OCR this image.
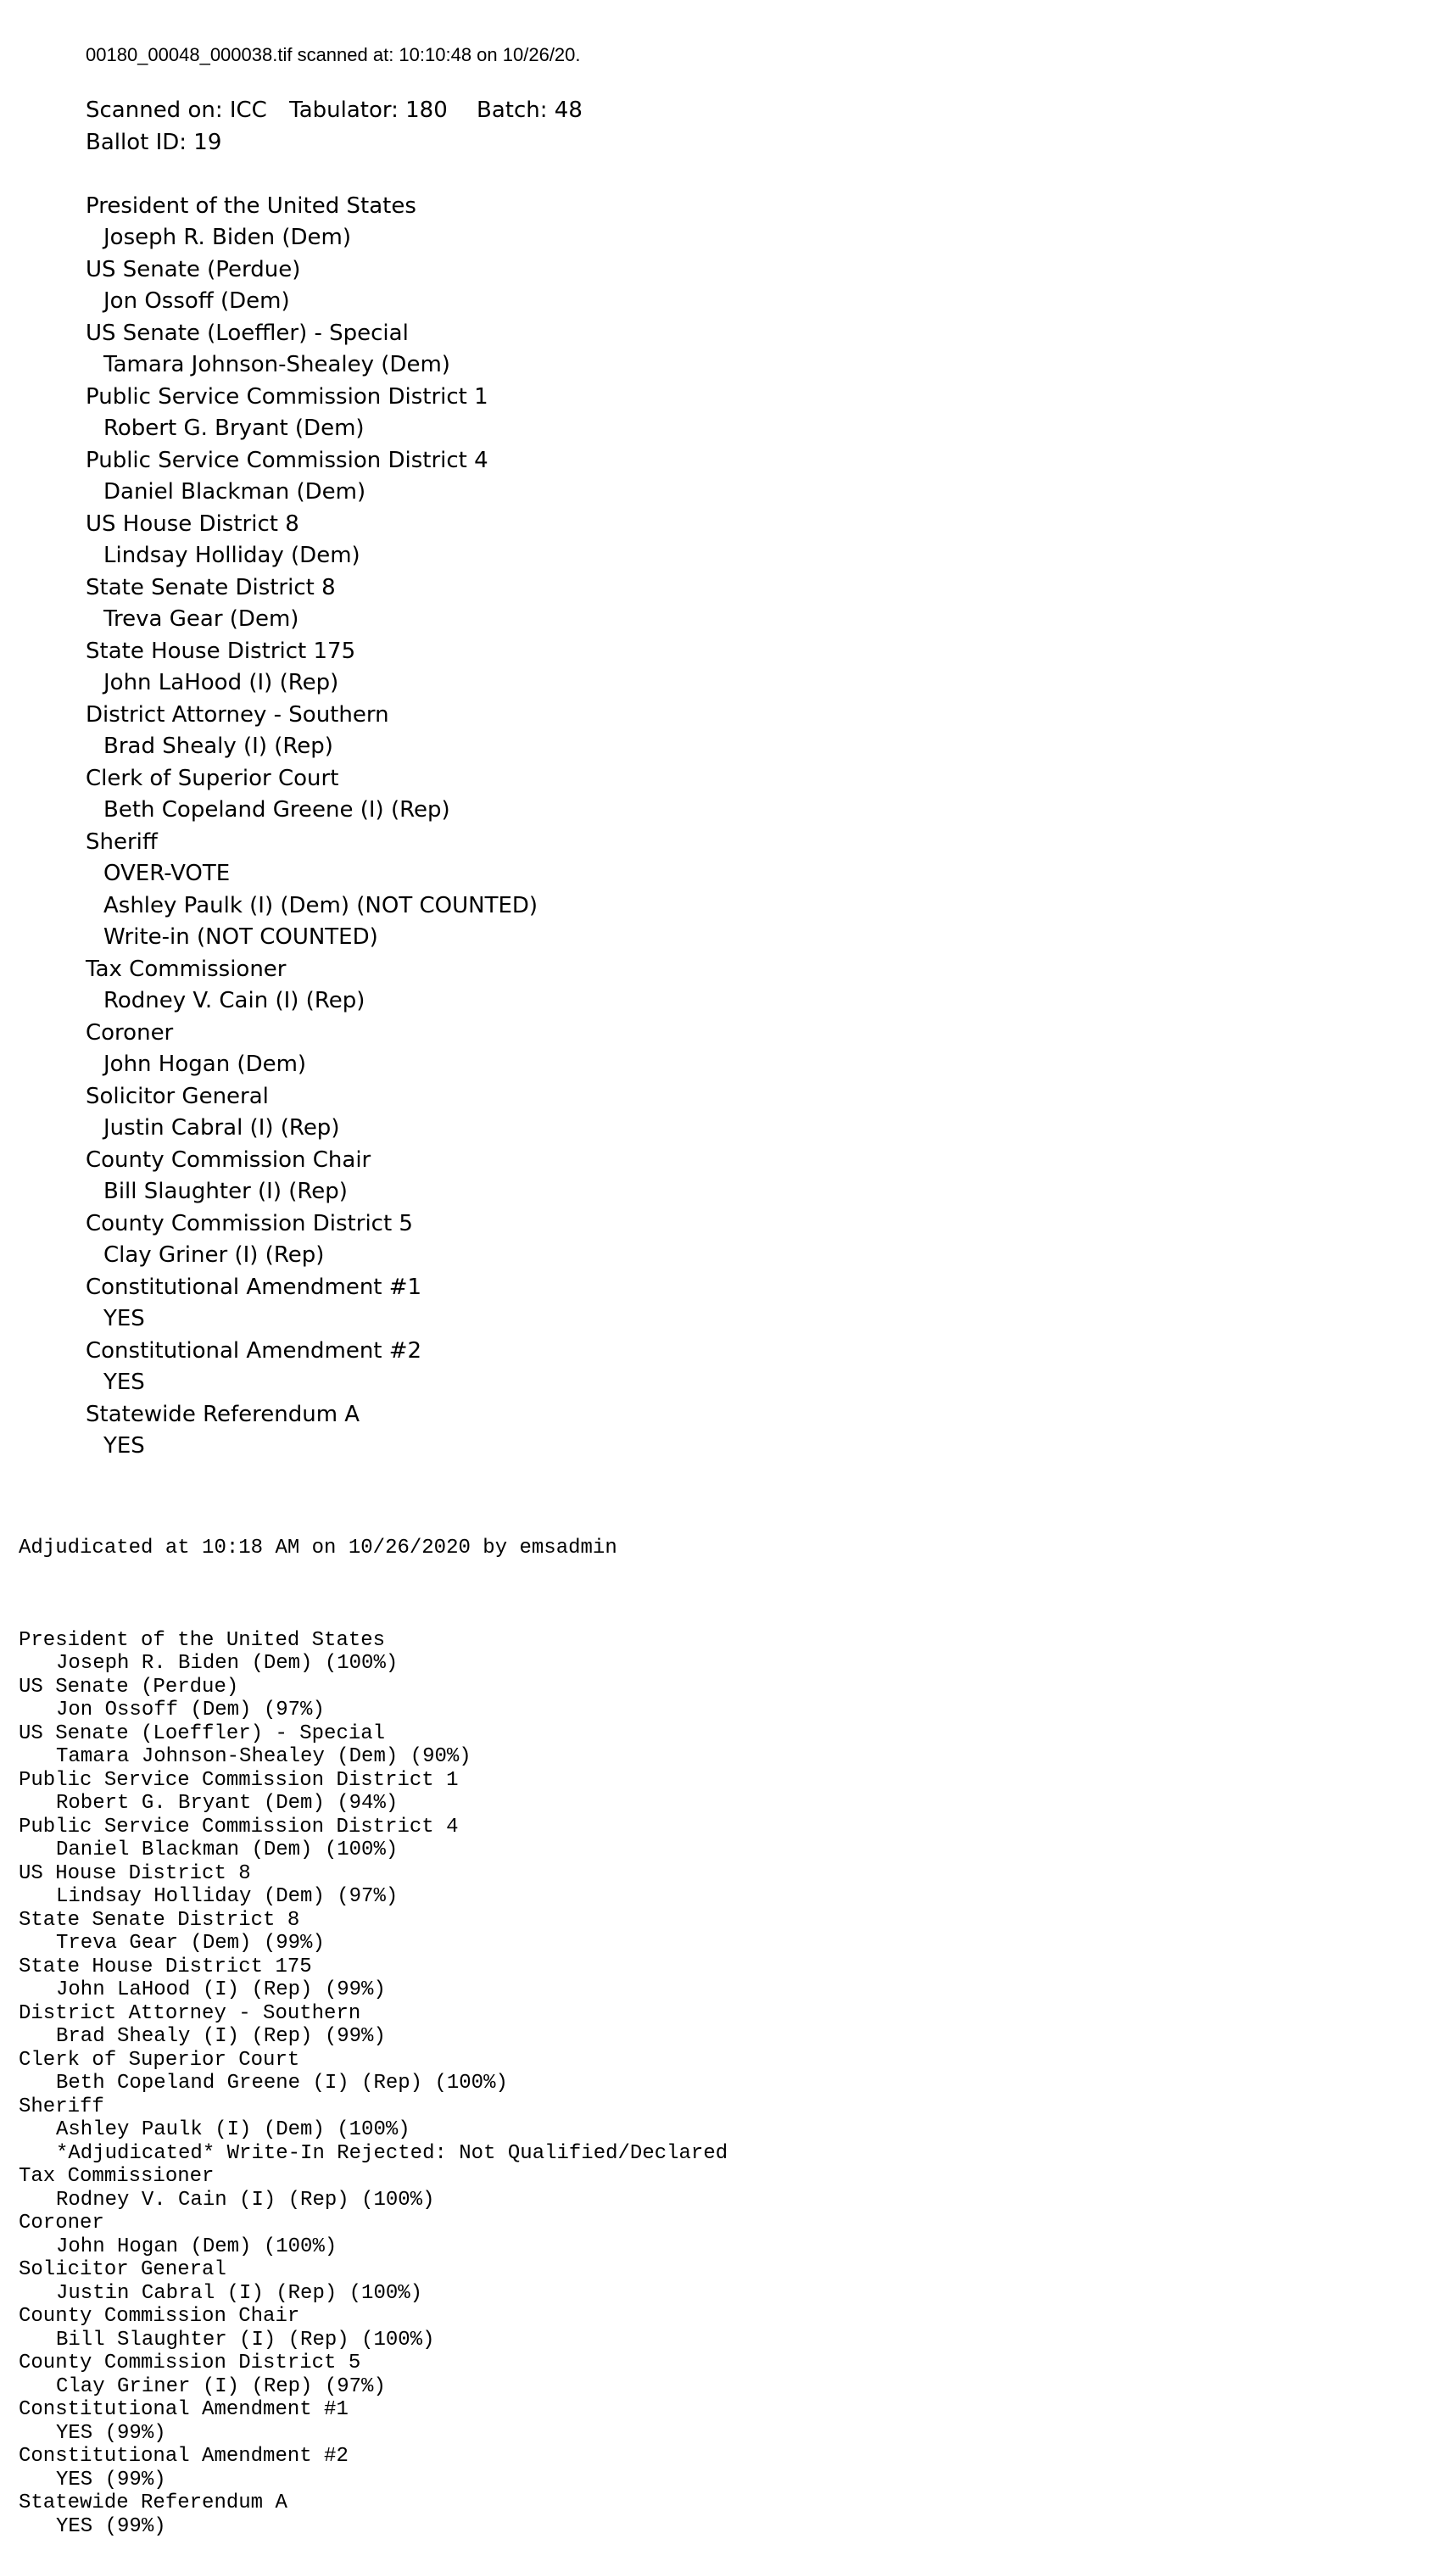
00180_00048_000038.tif scanned at: 10:10:48 on 10/26/20.
Scanned on: ICC Tabulator: 180 Batch: 48
Ballot ID: 19
President of the United States
Joseph R. Biden (Dem)
US Senate (Perdue)
Jon Ossoff (Dem)
US Senate (Loeffler) - Special
Tamara Johnson-Shealey (Dem)
Public Service Commission District 1
Robert G. Bryant (Dem)
Public Service Commission District 4
Daniel Blackman (Dem)
US House District 8
Lindsay Holliday (Dem)
State Senate District 8
Treva Gear (Dem)
State House District 175
John LaHood (I) (Rep)
District Attorney - Southern
Brad Shealy (I) (Rep)
Clerk of Superior Court
Beth Copeland Greene (I) (Rep)
Sheriff
OVER-VOTE
Ashley Paulk (I) (Dem) (NOT COUNTED)
Write-in (NOT COUNTED)
Tax Commissioner
Rodney V. Cain (I) (Rep)
Coroner
John Hogan (Dem)
Solicitor General
Justin Cabral (I) (Rep)
County Commission Chair
Bill Slaughter (I) (Rep)
County Commission District 5
Clay Griner (I) (Rep)
Constitutional Amendment #1
YES
Constitutional Amendment #2
YES
Statewide Referendum A
YES

Adjudicated at 10:18 AM on 10/26/2020 by emsadmin

President of the United States
Joseph R. Biden (Dem) (100%)
US Senate (Perdue)
Jon Ossoff (Dem) (97%)
US Senate (Loeffler) - Special
Tamara Johnson-Shealey (Dem) (90%)
Public Service Commission District 1
Robert G. Bryant (Dem) (94%)
Public Service Commission District 4
Daniel Blackman (Dem) (100%)
US House District 8
Lindsay Holliday (Dem) (97%)
State Senate District 8
Treva Gear (Dem) (99%)
State House District 175
John LaHood (I) (Rep) (99%)
District Attorney - Southern
Brad Shealy (I) (Rep) (99%)
Clerk of Superior Court
Beth Copeland Greene (I) (Rep) (100%)
Sheriff
Ashley Paulk (I) (Dem) (100%)
*Adjudicated* Write-In Rejected: Not Qualified/Declared
Tax Commissioner
Rodney V. Cain (I) (Rep) (100%)
Coroner
John Hogan (Dem) (100%)
Solicitor General
Justin Cabral (I) (Rep) (100%)
County Commission Chair
Bill Slaughter (I) (Rep) (100%)
County Commission District 5
Clay Griner (I) (Rep) (97%)
Constitutional Amendment #1
YES (99%)
Constitutional Amendment #2
YES (99%)
Statewide Referendum A
YES (99%)
